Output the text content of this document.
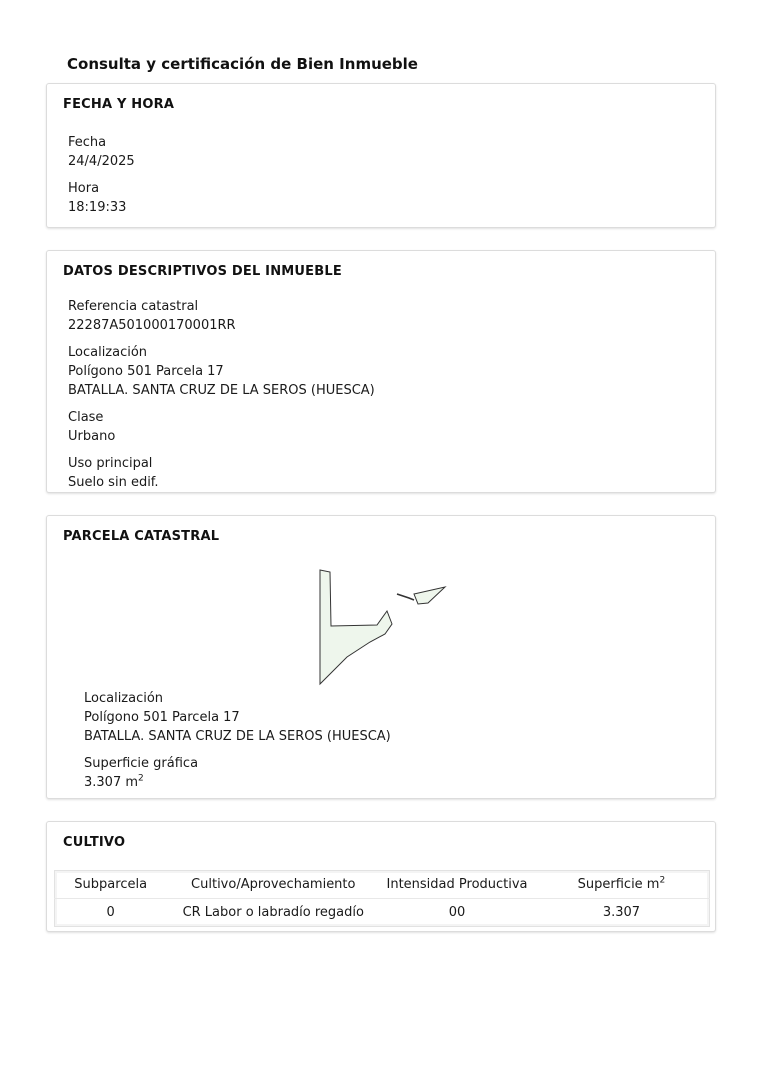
Consulta y certificación de Bien Inmueble
FECHA Y HORA
Fecha
24/4/2025
Hora
18:19:33
DATOS DESCRIPTIVOS DEL INMUEBLE
Referencia catastral
22287A501000170001RR
Localización
Polígono 501 Parcela 17
BATALLA. SANTA CRUZ DE LA SEROS (HUESCA)
Clase
Urbano
Uso principal
Suelo sin edif.
PARCELA CATASTRAL
Localización
Polígono 501 Parcela 17
BATALLA. SANTA CRUZ DE LA SEROS (HUESCA)
Superficie gráfica
3.307 $m^2$
CULTIVO
Subparcela	Cultivo/Aprovechamiento	Intensidad Productiva	Superficie $m^2$
0	CR Labor o labradío regadío	00	3.307
